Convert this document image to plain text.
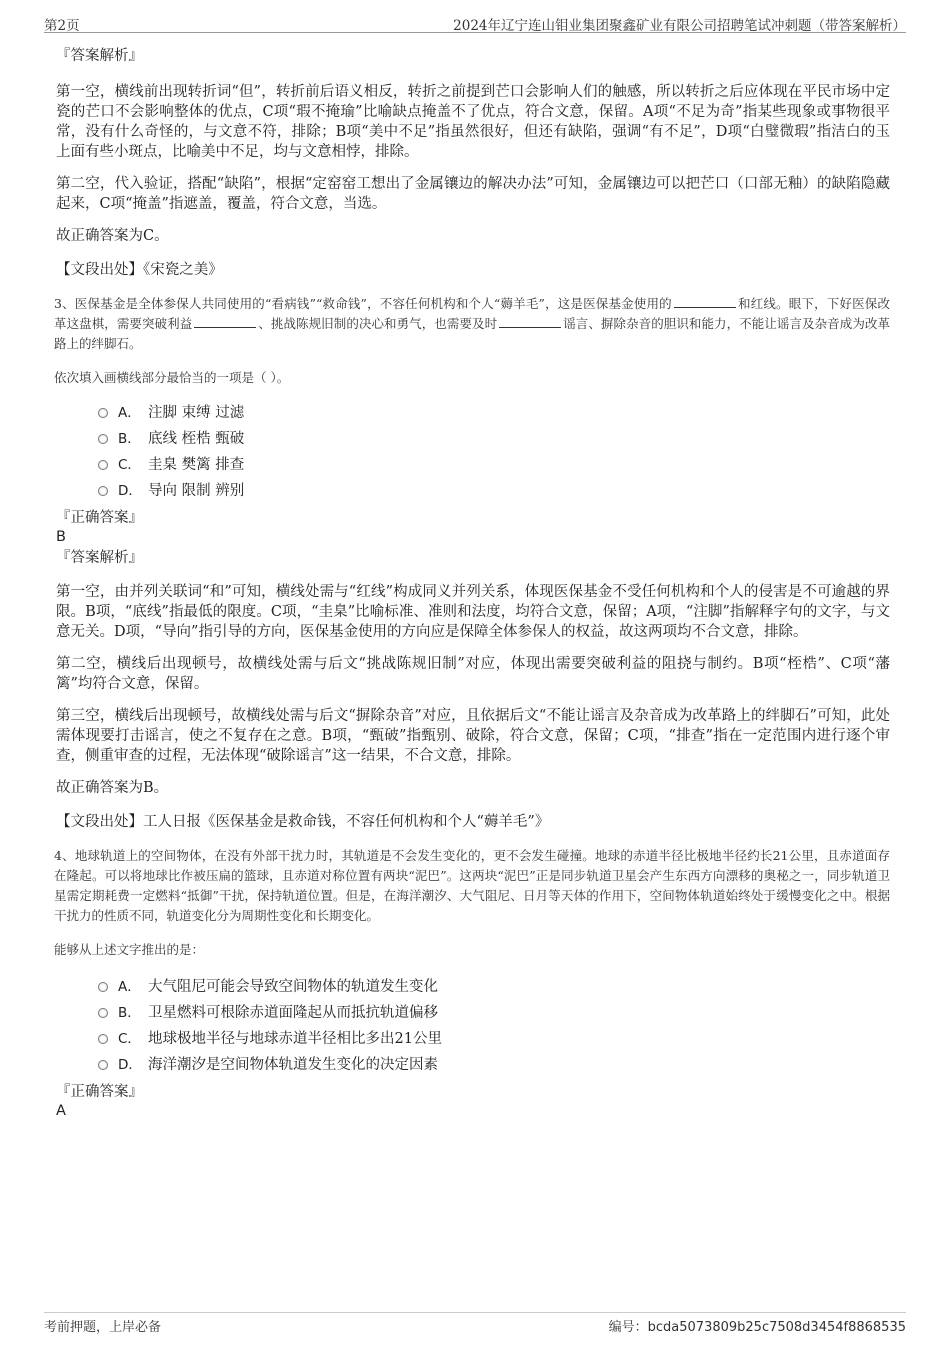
第2页	2024年辽宁连山钼业集团聚鑫矿业有限公司招聘笔试冲刺题（带答案解析）

『答案解析』

第一空，横线前出现转折词“但”，转折前后语义相反，转折之前提到芒口会影响人们的触感，所以转折之后应体现在平民市场中定瓷的芒口不会影响整体的优点，C项“瑕不掩瑜”比喻缺点掩盖不了优点，符合文意，保留。A项“不足为奇”指某些现象或事物很平常，没有什么奇怪的，与文意不符，排除；B项“美中不足”指虽然很好，但还有缺陷，强调“有不足”，D项“白璧微瑕”指洁白的玉上面有些小斑点，比喻美中不足，均与文意相悖，排除。

第二空，代入验证，搭配“缺陷”，根据“定窑窑工想出了金属镶边的解决办法”可知，金属镶边可以把芒口（口部无釉）的缺陷隐藏起来，C项“掩盖”指遮盖，覆盖，符合文意，当选。

故正确答案为C。

【文段出处】《宋瓷之美》

3、医保基金是全体参保人共同使用的“看病钱”“救命钱”，不容任何机构和个人“薅羊毛”，这是医保基金使用的	和红线。眼下，下好医保改革这盘棋，需要突破利益	、挑战陈规旧制的决心和勇气，也需要及时	谣言、摒除杂音的胆识和能力，不能让谣言及杂音成为改革路上的绊脚石。

依次填入画横线部分最恰当的一项是（ ）。

A． 注脚 束缚 过滤
B． 底线 桎梏 甄破
C． 圭臬 樊篱 排查
D． 导向 限制 辨别

『正确答案』

B

『答案解析』

第一空，由并列关联词“和”可知，横线处需与“红线”构成同义并列关系，体现医保基金不受任何机构和个人的侵害是不可逾越的界限。B项，“底线”指最低的限度。C项，“圭臬”比喻标准、准则和法度，均符合文意，保留；A项，“注脚”指解释字句的文字，与文意无关。D项，“导向”指引导的方向，医保基金使用的方向应是保障全体参保人的权益，故这两项均不合文意，排除。

第二空，横线后出现顿号，故横线处需与后文“挑战陈规旧制”对应，体现出需要突破利益的阻挠与制约。B项“桎梏”、C项“藩篱”均符合文意，保留。

第三空，横线后出现顿号，故横线处需与后文“摒除杂音”对应，且依据后文“不能让谣言及杂音成为改革路上的绊脚石”可知，此处需体现要打击谣言，使之不复存在之意。B项，“甄破”指甄别、破除，符合文意，保留；C项，“排查”指在一定范围内进行逐个审查，侧重审查的过程，无法体现“破除谣言”这一结果，不合文意，排除。

故正确答案为B。

【文段出处】工人日报《医保基金是救命钱，不容任何机构和个人“薅羊毛”》

4、地球轨道上的空间物体，在没有外部干扰力时，其轨道是不会发生变化的，更不会发生碰撞。地球的赤道半径比极地半径约长21公里，且赤道面存在隆起。可以将地球比作被压扁的篮球，且赤道对称位置有两块“泥巴”。这两块“泥巴”正是同步轨道卫星会产生东西方向漂移的奥秘之一，同步轨道卫星需定期耗费一定燃料“抵御”干扰，保持轨道位置。但是，在海洋潮汐、大气阻尼、日月等天体的作用下，空间物体轨道始终处于缓慢变化之中。根据干扰力的性质不同，轨道变化分为周期性变化和长期变化。

能够从上述文字推出的是：

A． 大气阻尼可能会导致空间物体的轨道发生变化
B． 卫星燃料可根除赤道面隆起从而抵抗轨道偏移
C． 地球极地半径与地球赤道半径相比多出21公里
D． 海洋潮汐是空间物体轨道发生变化的决定因素

『正确答案』

A

考前押题，上岸必备	编号：bcda5073809b25c7508d3454f8868535
